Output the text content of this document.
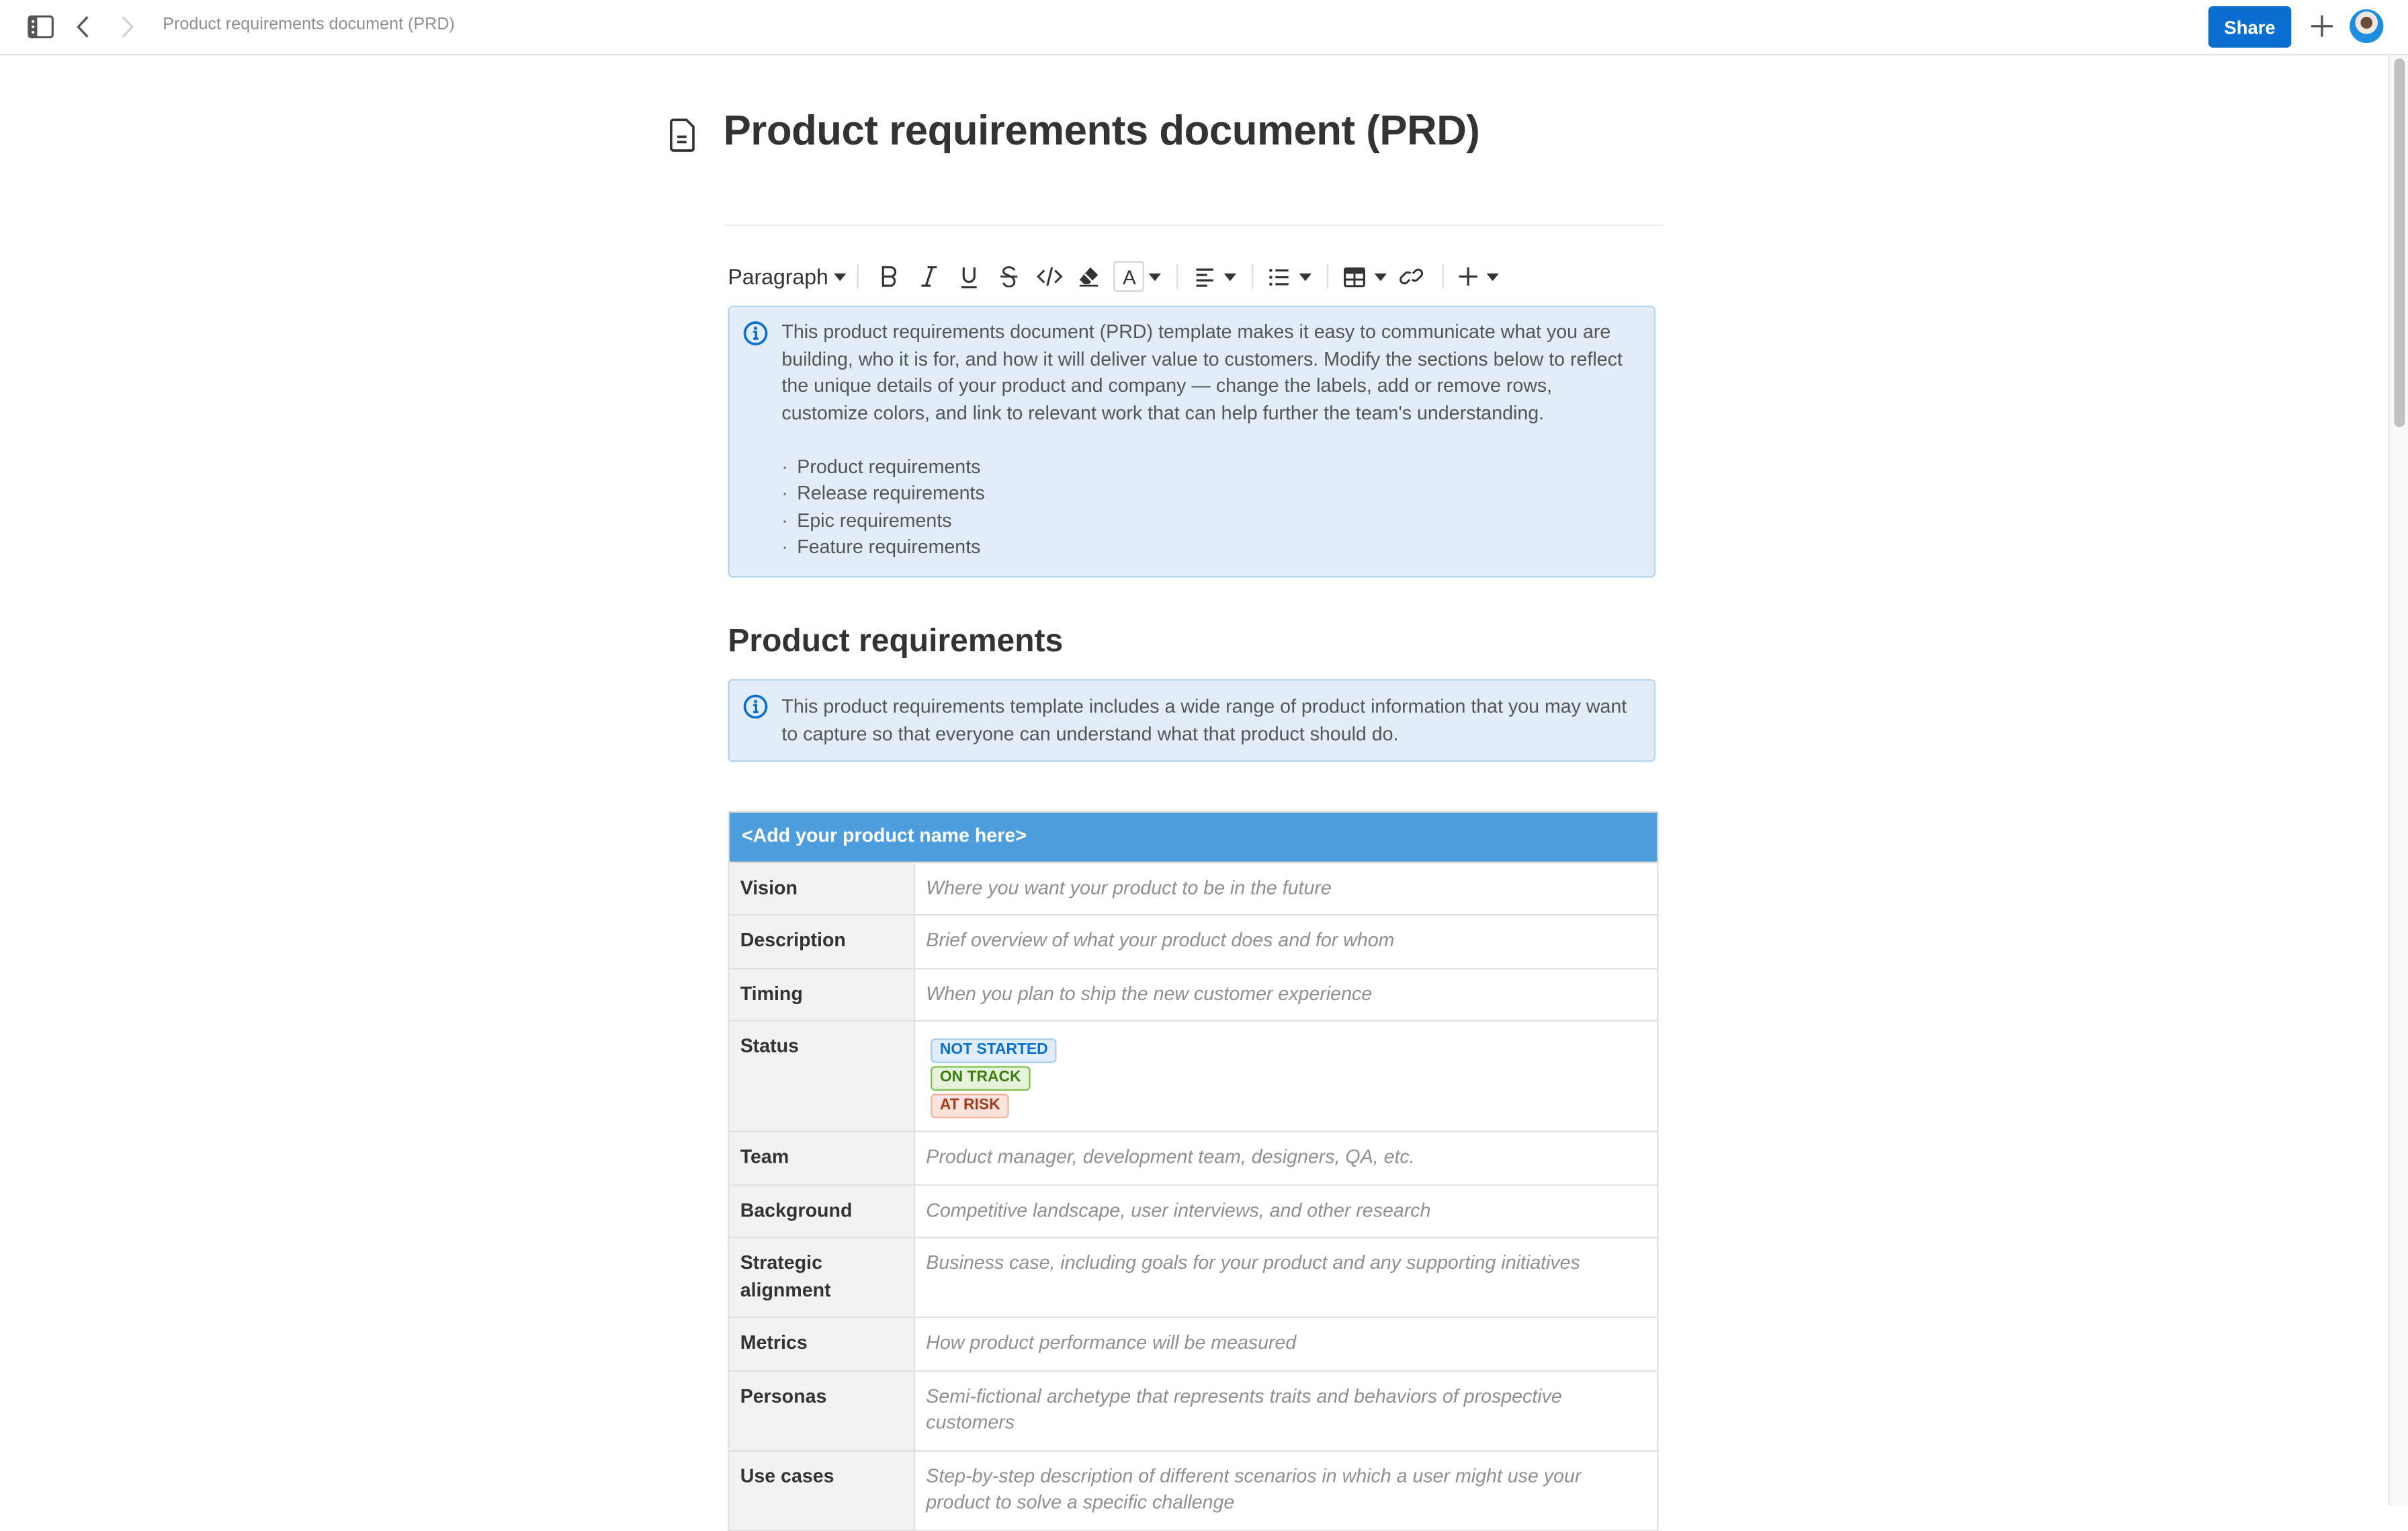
Product requirements document (PRD)	Share
Product requirements document (PRD)
Paragraph	A
This product requirements document (PRD) template makes it easy to communicate what you are building, who it is for, and how it will deliver value to customers. Modify the sections below to reflect the unique details of your product and company — change the labels, add or remove rows, customize colors, and link to relevant work that can help further the team's understanding.
· Product requirements
· Release requirements
· Epic requirements
· Feature requirements
Product requirements
This product requirements template includes a wide range of product information that you may want to capture so that everyone can understand what that product should do.
<Add your product name here>	
Vision	Where you want your product to be in the future
Description	Brief overview of what your product does and for whom
Timing	When you plan to ship the new customer experience
Status	NOT STARTED
ON TRACK
AT RISK

Team	Product manager, development team, designers, QA, etc.
Background	Competitive landscape, user interviews, and other research
Strategic alignment	Business case, including goals for your product and any supporting initiatives
Metrics	How product performance will be measured
Personas	Semi-fictional archetype that represents traits and behaviors of prospective customers
Use cases	Step-by-step description of different scenarios in which a user might use your product to solve a specific challenge
